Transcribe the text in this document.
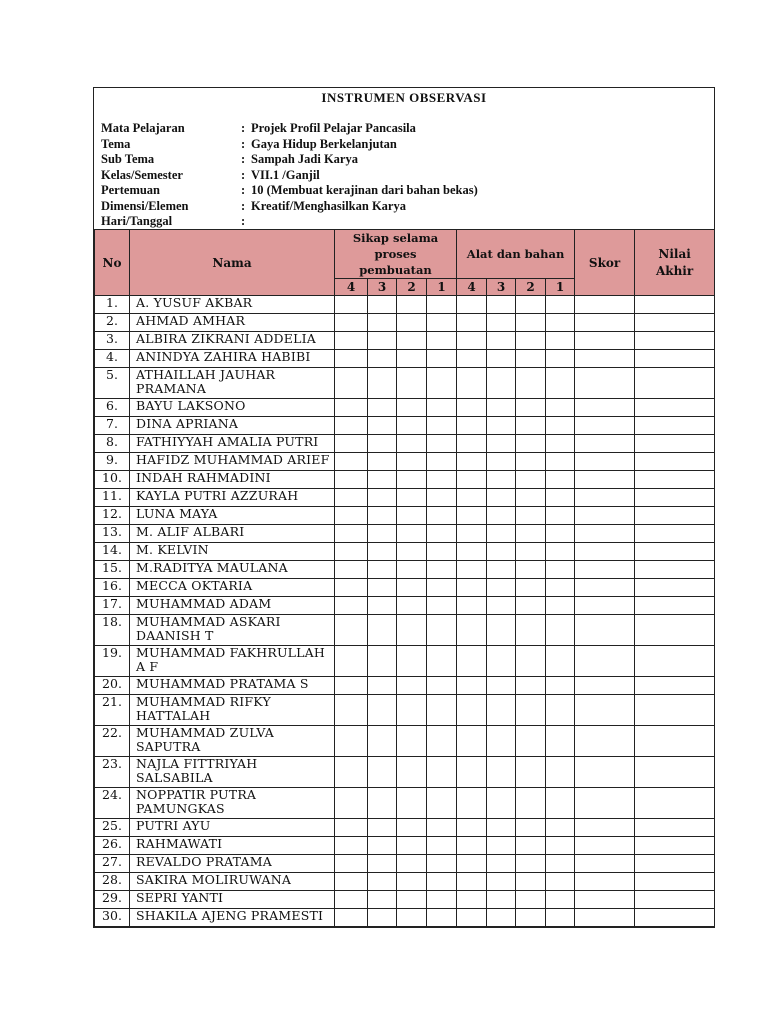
INSTRUMEN OBSERVASI
Mata Pelajaran	: Projek Profil Pelajar Pancasila
Tema	: Gaya Hidup Berkelanjutan
Sub Tema	: Sampah Jadi Karya
Kelas/Semester	: VII.1 /Ganjil
Pertemuan	: 10 (Membuat kerajinan dari bahan bekas)
Dimensi/Elemen	: Kreatif/Menghasilkan Karya
Hari/Tanggal	:
No	Nama	Sikap selama proses pembuatan				Alat dan bahan				Skor	Nilai Akhir
		4	3	2	1	4	3	2	1		
1.	A. YUSUF AKBAR										
2.	AHMAD AMHAR										
3.	ALBIRA ZIKRANI ADDELIA										
4.	ANINDYA ZAHIRA HABIBI										
5.	ATHAILLAH JAUHAR PRAMANA										
6.	BAYU LAKSONO										
7.	DINA APRIANA										
8.	FATHIYYAH AMALIA PUTRI										
9.	HAFIDZ MUHAMMAD ARIEF										
10.	INDAH RAHMADINI										
11.	KAYLA PUTRI AZZURAH										
12.	LUNA MAYA										
13.	M. ALIF ALBARI										
14.	M. KELVIN										
15.	M.RADITYA MAULANA										
16.	MECCA OKTARIA										
17.	MUHAMMAD ADAM										
18.	MUHAMMAD ASKARI DAANISH T										
19.	MUHAMMAD FAKHRULLAH A F										
20.	MUHAMMAD PRATAMA S										
21.	MUHAMMAD RIFKY HATTALAH										
22.	MUHAMMAD ZULVA SAPUTRA										
23.	NAJLA FITTRIYAH SALSABILA										
24.	NOPPATIR PUTRA PAMUNGKAS										
25.	PUTRI AYU										
26.	RAHMAWATI										
27.	REVALDO PRATAMA										
28.	SAKIRA MOLIRUWANA										
29.	SEPRI YANTI										
30.	SHAKILA AJENG PRAMESTI										
